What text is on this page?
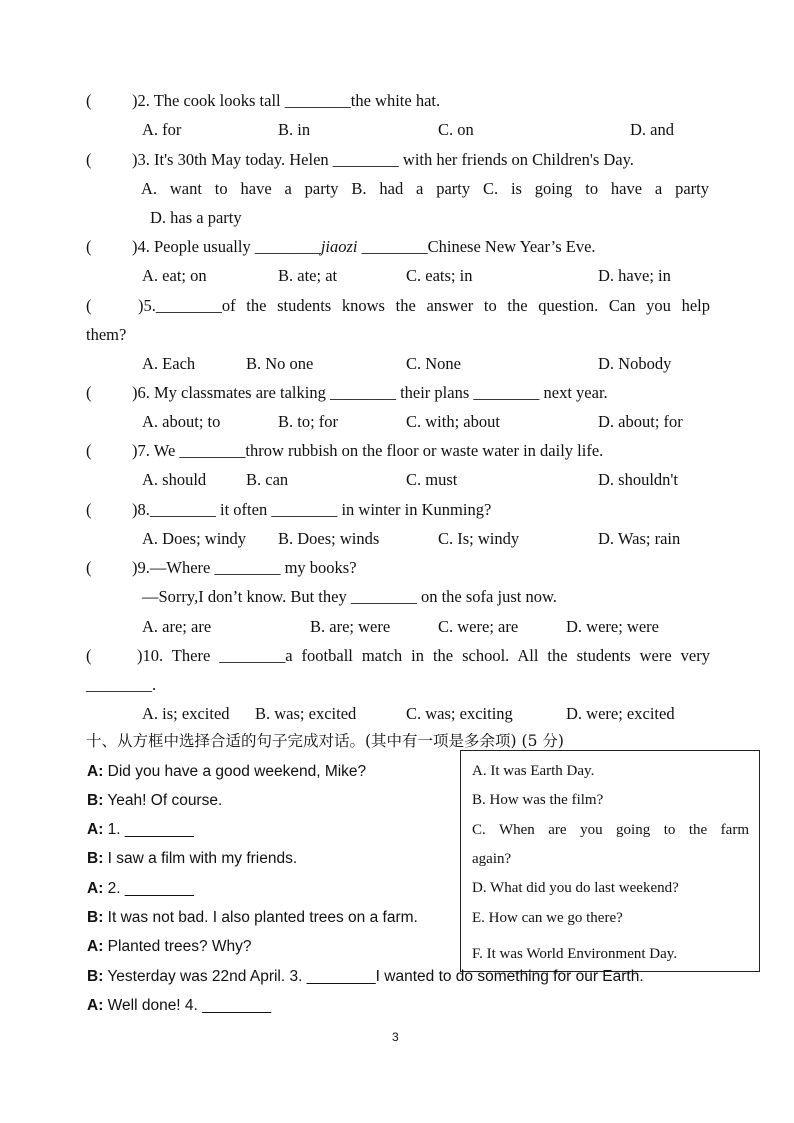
( )2. The cook looks tall ________the white hat.
A. for	B. in	C. on	D. and
( )3. It's 30th May today. Helen ________ with her friends on Children's Day.
A. want to have a party B. had a party C. is going to have a party
D. has a party
( )4. People usually ________jiaozi ________Chinese New Year’s Eve.
A. eat; on	B. ate; at	C. eats; in	D. have; in
(	)5.________of the students knows the answer to the question. Can you help
them?
A. Each	B. No one	C. None	D. Nobody
( )6. My classmates are talking ________ their plans ________ next year.
A. about; to	B. to; for	C. with; about	D. about; for
( )7. We ________throw rubbish on the floor or waste water in daily life.
A. should B. can	C. must	D. shouldn't
( )8.________ it often ________ in winter in Kunming?
A. Does; windy B. Does; winds	C. Is; windy	D. Was; rain
( )9.—Where ________ my books?
—Sorry,I don’t know. But they ________ on the sofa just now.
A. are; are	B. are; were	C. were; are	D. were; were
(	)10. There ________a football match in the school. All the students were very
________.
A. is; excited B. was; excited	C. was; exciting	D. were; excited
十、从方框中选择合适的句子完成对话。(其中有一项是多余项) (5 分)
A: Did you have a good weekend, Mike?
B: Yeah! Of course.
A: 1. ________
B: I saw a film with my friends.
A: 2. ________
B: It was not bad. I also planted trees on a farm.
A: Planted trees? Why?
A: Well done! 4. ________
A. It was Earth Day.
B. How was the film?
C. When are you going to the farm
again?
D. What did you do last weekend?
E. How can we go there?
F. It was World Environment Day.
B: Yesterday was 22nd April. 3. ________I wanted to do something for our Earth.
3
